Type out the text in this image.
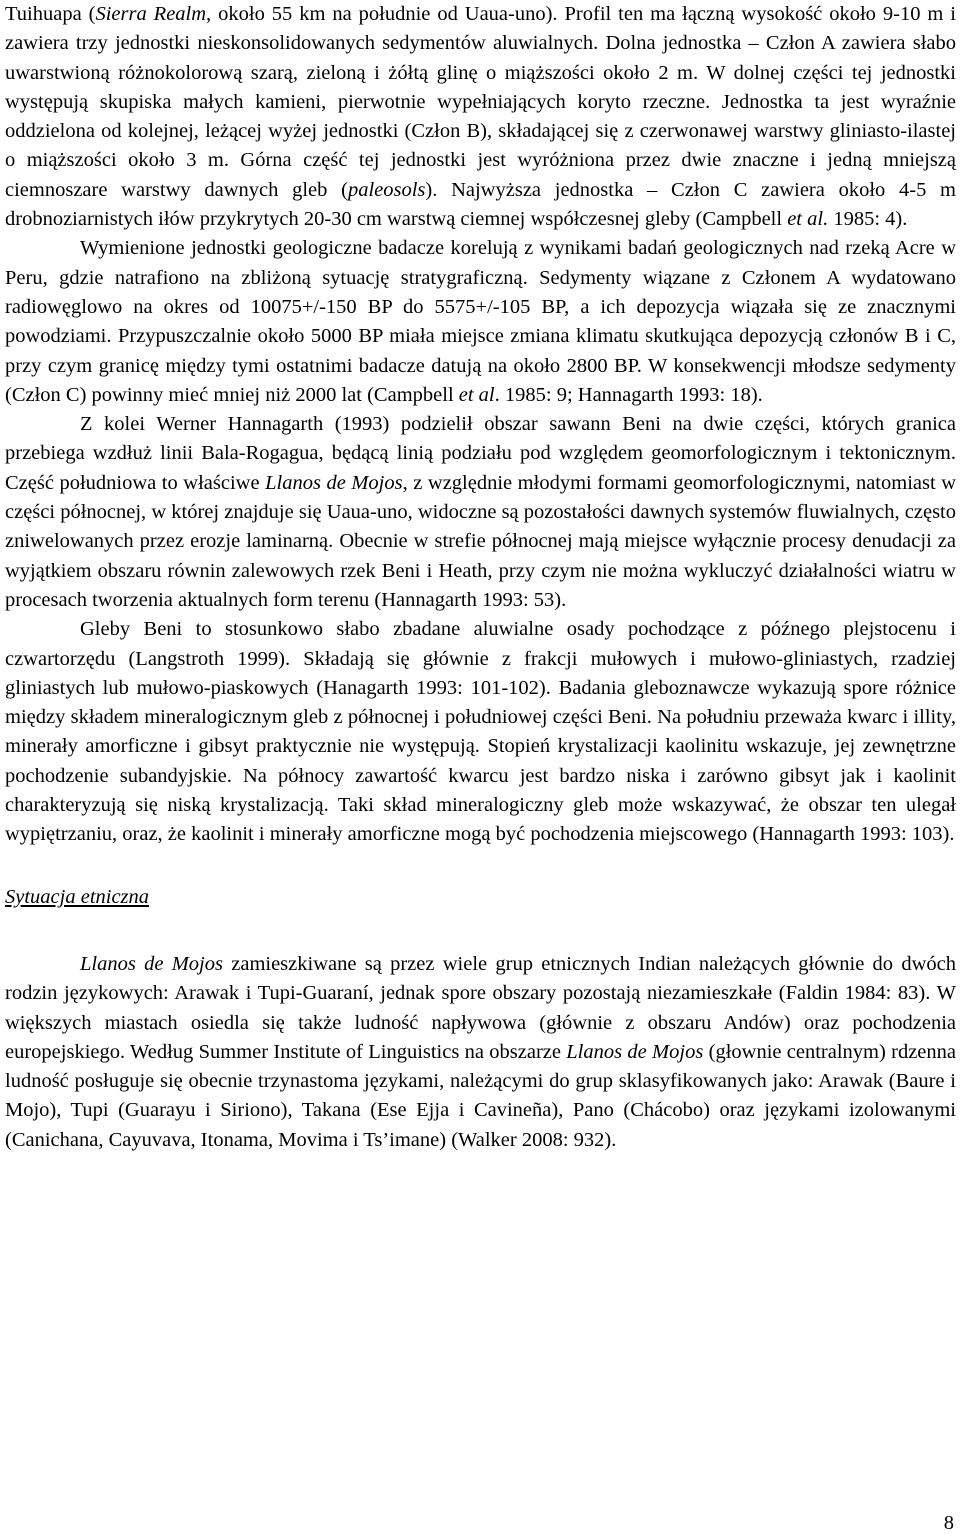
Tuihuapa (Sierra Realm, około 55 km na południe od Uaua-uno). Profil ten ma łączną wysokość około 9-10 m i zawiera trzy jednostki nieskonsolidowanych sedymentów aluwialnych. Dolna jednostka – Człon A zawiera słabo uwarstwioną różnokolorową szarą, zieloną i żółtą glinę o miąższości około 2 m. W dolnej części tej jednostki występują skupiska małych kamieni, pierwotnie wypełniających koryto rzeczne. Jednostka ta jest wyraźnie oddzielona od kolejnej, leżącej wyżej jednostki (Człon B), składającej się z czerwonawej warstwy gliniasto-ilastej o miąższości około 3 m. Górna część tej jednostki jest wyróżniona przez dwie znaczne i jedną mniejszą ciemnoszare warstwy dawnych gleb (paleosols). Najwyższa jednostka – Człon C zawiera około 4-5 m drobnoziarnistych iłów przykrytych 20-30 cm warstwą ciemnej współczesnej gleby (Campbell et al. 1985: 4).

Wymienione jednostki geologiczne badacze korelują z wynikami badań geologicznych nad rzeką Acre w Peru, gdzie natrafiono na zbliżoną sytuację stratygraficzną. Sedymenty wiązane z Członem A wydatowano radiowęglowo na okres od 10075+/-150 BP do 5575+/-105 BP, a ich depozycja wiązała się ze znacznymi powodziami. Przypuszczalnie około 5000 BP miała miejsce zmiana klimatu skutkująca depozycją członów B i C, przy czym granicę między tymi ostatnimi badacze datują na około 2800 BP. W konsekwencji młodsze sedymenty (Człon C) powinny mieć mniej niż 2000 lat (Campbell et al. 1985: 9; Hannagarth 1993: 18).

Z kolei Werner Hannagarth (1993) podzielił obszar sawann Beni na dwie części, których granica przebiega wzdłuż linii Bala-Rogagua, będącą linią podziału pod względem geomorfologicznym i tektonicznym. Część południowa to właściwe Llanos de Mojos, z względnie młodymi formami geomorfologicznymi, natomiast w części północnej, w której znajduje się Uaua-uno, widoczne są pozostałości dawnych systemów fluwialnych, często zniwelowanych przez erozje laminarną. Obecnie w strefie północnej mają miejsce wyłącznie procesy denudacji za wyjątkiem obszaru równin zalewowych rzek Beni i Heath, przy czym nie można wykluczyć działalności wiatru w procesach tworzenia aktualnych form terenu (Hannagarth 1993: 53).

Gleby Beni to stosunkowo słabo zbadane aluwialne osady pochodzące z późnego plejstocenu i czwartorzędu (Langstroth 1999). Składają się głównie z frakcji mułowych i mułowo-gliniastych, rzadziej gliniastych lub mułowo-piaskowych (Hanagarth 1993: 101-102). Badania gleboznawcze wykazują spore różnice między składem mineralogicznym gleb z północnej i południowej części Beni. Na południu przeważa kwarc i illity, minerały amorficzne i gibsyt praktycznie nie występują. Stopień krystalizacji kaolinitu wskazuje, jej zewnętrzne pochodzenie subandyjskie. Na północy zawartość kwarcu jest bardzo niska i zarówno gibsyt jak i kaolinit charakteryzują się niską krystalizacją. Taki skład mineralogiczny gleb może wskazywać, że obszar ten ulegał wypiętrzaniu, oraz, że kaolinit i minerały amorficzne mogą być pochodzenia miejscowego (Hannagarth 1993: 103).

Sytuacja etniczna

Llanos de Mojos zamieszkiwane są przez wiele grup etnicznych Indian należących głównie do dwóch rodzin językowych: Arawak i Tupi-Guaraní, jednak spore obszary pozostają niezamieszkałe (Faldin 1984: 83). W większych miastach osiedla się także ludność napływowa (głównie z obszaru Andów) oraz pochodzenia europejskiego. Według Summer Institute of Linguistics na obszarze Llanos de Mojos (głownie centralnym) rdzenna ludność posługuje się obecnie trzynastoma językami, należącymi do grup sklasyfikowanych jako: Arawak (Baure i Mojo), Tupi (Guarayu i Sirionо), Takana (Ese Ejja i Cavineña), Pano (Chácobo) oraz językami izolowanymi (Canichana, Cayuvava, Itonama, Movima i Ts’imane) (Walker 2008: 932).

8
